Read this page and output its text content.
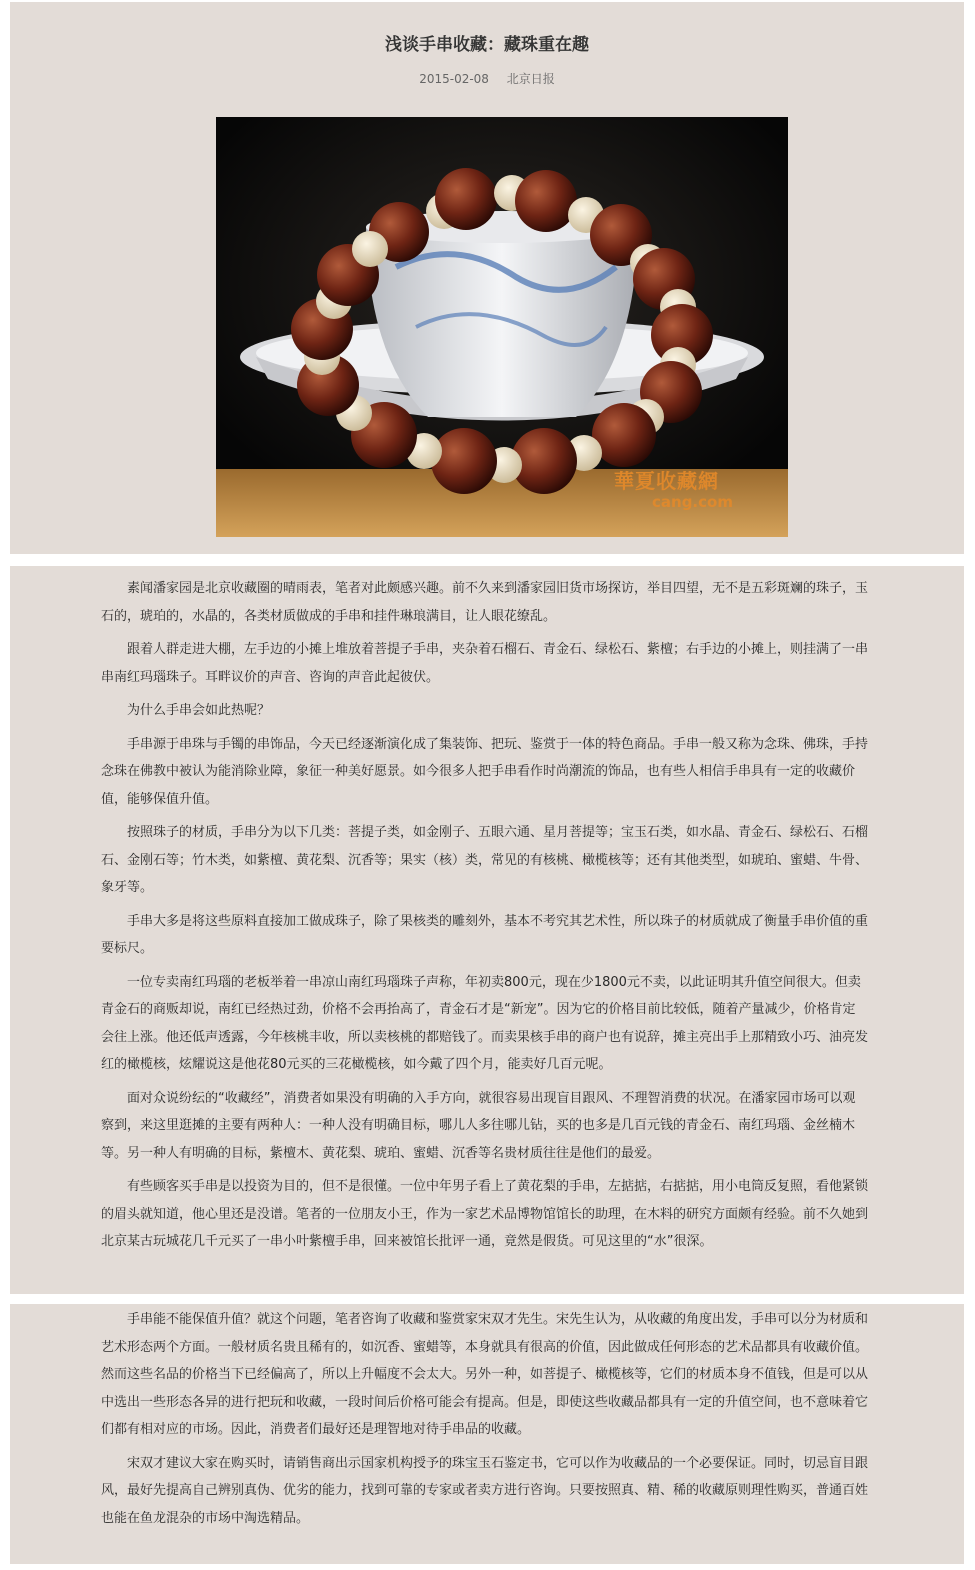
浅谈手串收藏：藏珠重在趣
2015-02-08 北京日报
華夏收藏網
cang.com

素闻潘家园是北京收藏圈的晴雨表，笔者对此颇感兴趣。前不久来到潘家园旧货市场探访，举目四望，无不是五彩斑斓的珠子，玉石的，琥珀的，水晶的，各类材质做成的手串和挂件琳琅满目，让人眼花缭乱。

跟着人群走进大棚，左手边的小摊上堆放着菩提子手串，夹杂着石榴石、青金石、绿松石、紫檀；右手边的小摊上，则挂满了一串串南红玛瑙珠子。耳畔议价的声音、咨询的声音此起彼伏。

为什么手串会如此热呢？

手串源于串珠与手镯的串饰品，今天已经逐渐演化成了集装饰、把玩、鉴赏于一体的特色商品。手串一般又称为念珠、佛珠，手持念珠在佛教中被认为能消除业障，象征一种美好愿景。如今很多人把手串看作时尚潮流的饰品，也有些人相信手串具有一定的收藏价值，能够保值升值。

按照珠子的材质，手串分为以下几类：菩提子类，如金刚子、五眼六通、星月菩提等；宝玉石类，如水晶、青金石、绿松石、石榴石、金刚石等；竹木类，如紫檀、黄花梨、沉香等；果实（核）类，常见的有核桃、橄榄核等；还有其他类型，如琥珀、蜜蜡、牛骨、象牙等。

手串大多是将这些原料直接加工做成珠子，除了果核类的雕刻外，基本不考究其艺术性，所以珠子的材质就成了衡量手串价值的重要标尺。

一位专卖南红玛瑙的老板举着一串凉山南红玛瑙珠子声称，年初卖800元，现在少1800元不卖，以此证明其升值空间很大。但卖青金石的商贩却说，南红已经热过劲，价格不会再抬高了，青金石才是“新宠”。因为它的价格目前比较低，随着产量减少，价格肯定会往上涨。他还低声透露，今年核桃丰收，所以卖核桃的都赔钱了。而卖果核手串的商户也有说辞，摊主亮出手上那精致小巧、油亮发红的橄榄核，炫耀说这是他花80元买的三花橄榄核，如今戴了四个月，能卖好几百元呢。

面对众说纷纭的“收藏经”，消费者如果没有明确的入手方向，就很容易出现盲目跟风、不理智消费的状况。在潘家园市场可以观察到，来这里逛摊的主要有两种人：一种人没有明确目标，哪儿人多往哪儿钻，买的也多是几百元钱的青金石、南红玛瑙、金丝楠木等。另一种人有明确的目标，紫檀木、黄花梨、琥珀、蜜蜡、沉香等名贵材质往往是他们的最爱。

有些顾客买手串是以投资为目的，但不是很懂。一位中年男子看上了黄花梨的手串，左掂掂，右掂掂，用小电筒反复照，看他紧锁的眉头就知道，他心里还是没谱。笔者的一位朋友小王，作为一家艺术品博物馆馆长的助理，在木料的研究方面颇有经验。前不久她到北京某古玩城花几千元买了一串小叶紫檀手串，回来被馆长批评一通，竟然是假货。可见这里的“水”很深。

手串能不能保值升值？就这个问题，笔者咨询了收藏和鉴赏家宋双才先生。宋先生认为，从收藏的角度出发，手串可以分为材质和艺术形态两个方面。一般材质名贵且稀有的，如沉香、蜜蜡等，本身就具有很高的价值，因此做成任何形态的艺术品都具有收藏价值。然而这些名品的价格当下已经偏高了，所以上升幅度不会太大。另外一种，如菩提子、橄榄核等，它们的材质本身不值钱，但是可以从中选出一些形态各异的进行把玩和收藏，一段时间后价格可能会有提高。但是，即使这些收藏品都具有一定的升值空间，也不意味着它们都有相对应的市场。因此，消费者们最好还是理智地对待手串品的收藏。

宋双才建议大家在购买时，请销售商出示国家机构授予的珠宝玉石鉴定书，它可以作为收藏品的一个必要保证。同时，切忌盲目跟风，最好先提高自己辨别真伪、优劣的能力，找到可靠的专家或者卖方进行咨询。只要按照真、精、稀的收藏原则理性购买，普通百姓也能在鱼龙混杂的市场中淘选精品。
